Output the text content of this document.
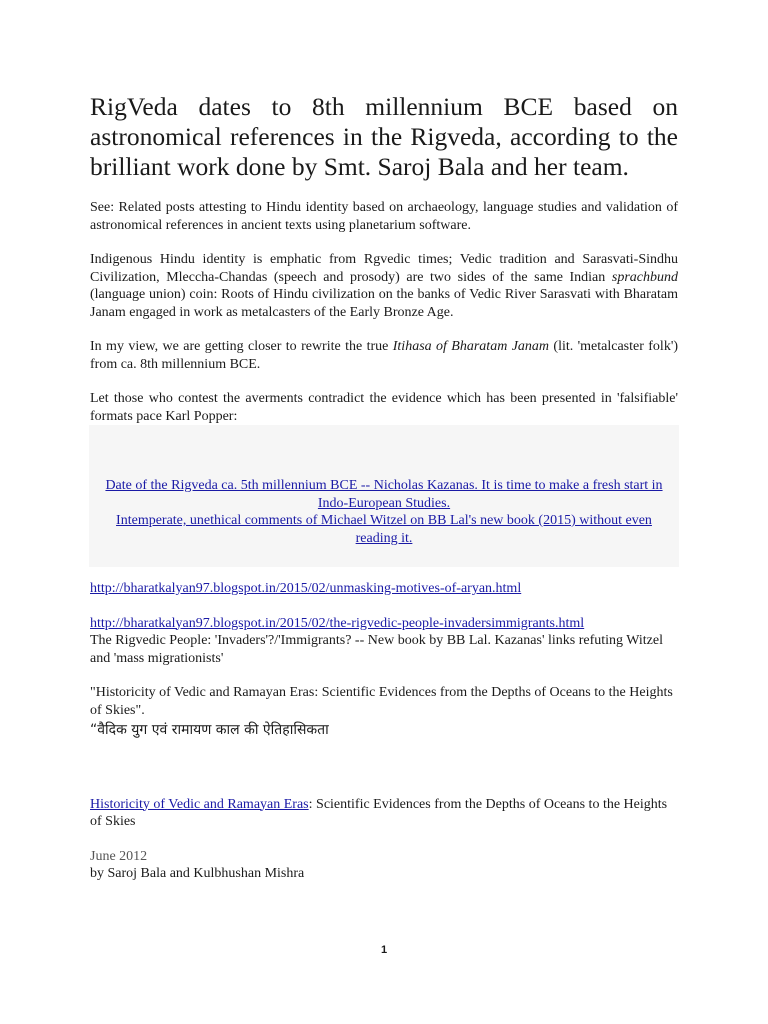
RigVeda dates to 8th millennium BCE based on astronomical references in the Rigveda, according to the brilliant work done by Smt. Saroj Bala and her team.

See: Related posts attesting to Hindu identity based on archaeology, language studies and validation of astronomical references in ancient texts using planetarium software.

Indigenous Hindu identity is emphatic from Rgvedic times; Vedic tradition and Sarasvati-Sindhu Civilization, Mleccha-Chandas (speech and prosody) are two sides of the same Indian sprachbund (language union) coin: Roots of Hindu civilization on the banks of Vedic River Sarasvati with Bharatam Janam engaged in work as metalcasters of the Early Bronze Age.

In my view, we are getting closer to rewrite the true Itihasa of Bharatam Janam (lit. 'metalcaster folk') from ca. 8th millennium BCE.

Let those who contest the averments contradict the evidence which has been presented in 'falsifiable' formats pace Karl Popper:

Date of the Rigveda ca. 5th millennium BCE -- Nicholas Kazanas. It is time to make a fresh start in Indo-European Studies.
Intemperate, unethical comments of Michael Witzel on BB Lal's new book (2015) without even reading it.

http://bharatkalyan97.blogspot.in/2015/02/unmasking-motives-of-aryan.html

http://bharatkalyan97.blogspot.in/2015/02/the-rigvedic-people-invadersimmigrants.html
The Rigvedic People: 'Invaders'?/'Immigrants? -- New book by BB Lal. Kazanas' links refuting Witzel and 'mass migrationists'

"Historicity of Vedic and Ramayan Eras: Scientific Evidences from the Depths of Oceans to the Heights of Skies".

“वैदिक युग एवं रामायण काल की ऐतिहासिकता

Historicity of Vedic and Ramayan Eras: Scientific Evidences from the Depths of Oceans to the Heights of Skies

June 2012
by Saroj Bala and Kulbhushan Mishra

1
